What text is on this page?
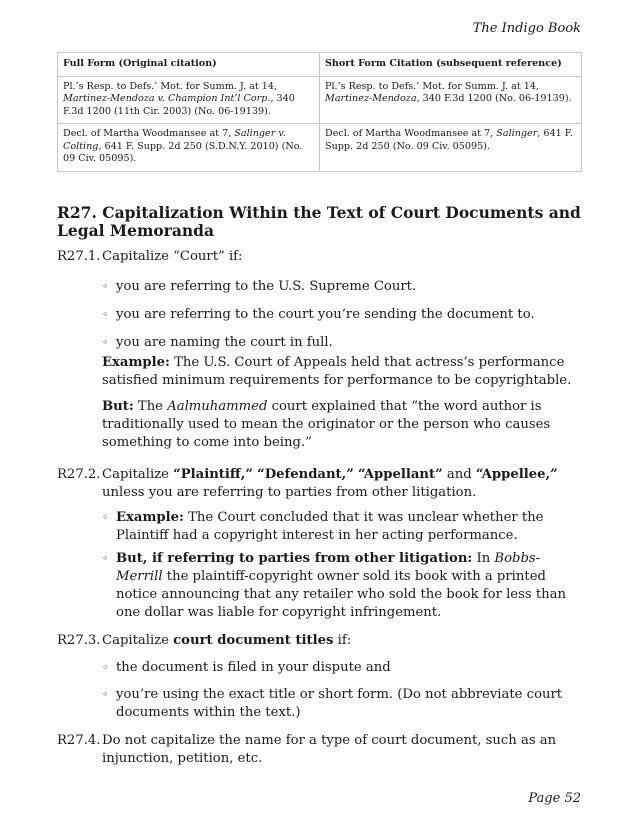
The Indigo Book
Full Form (Original citation)	Short Form Citation (subsequent reference)
Pl.’s Resp. to Defs.’ Mot. for Summ. J. at 14, Martinez-Mendoza v. Champion Int’l Corp., 340 F.3d 1200 (11th Cir. 2003) (No. 06-19139).	Pl.’s Resp. to Defs.’ Mot. for Summ. J. at 14, Martinez-Mendoza, 340 F.3d 1200 (No. 06-19139).
Decl. of Martha Woodmansee at 7, Salinger v. Colting, 641 F. Supp. 2d 250 (S.D.N.Y. 2010) (No. 09 Civ. 05095).	Decl. of Martha Woodmansee at 7, Salinger, 641 F. Supp. 2d 250 (No. 09 Civ. 05095).
R27. Capitalization Within the Text of Court Documents and Legal Memoranda
R27.1. Capitalize “Court” if:

◦ you are referring to the U.S. Supreme Court.
◦ you are referring to the court you’re sending the document to.
◦ you are naming the court in full.

Example: The U.S. Court of Appeals held that actress’s performance satisfied minimum requirements for performance to be copyrightable.

But: The Aalmuhammed court explained that “the word author is traditionally used to mean the originator or the person who causes something to come into being.”

R27.2. Capitalize “Plaintiff,” “Defendant,” “Appellant” and “Appellee,” unless you are referring to parties from other litigation.

◦ Example: The Court concluded that it was unclear whether the Plaintiff had a copyright interest in her acting performance.
◦ But, if referring to parties from other litigation: In Bobbs-Merrill the plaintiff-copyright owner sold its book with a printed notice announcing that any retailer who sold the book for less than one dollar was liable for copyright infringement.
R27.3. Capitalize court document titles if:

◦ the document is filed in your dispute and
◦ you’re using the exact title or short form. (Do not abbreviate court documents within the text.)
R27.4. Do not capitalize the name for a type of court document, such as an injunction, petition, etc.

Page 52
